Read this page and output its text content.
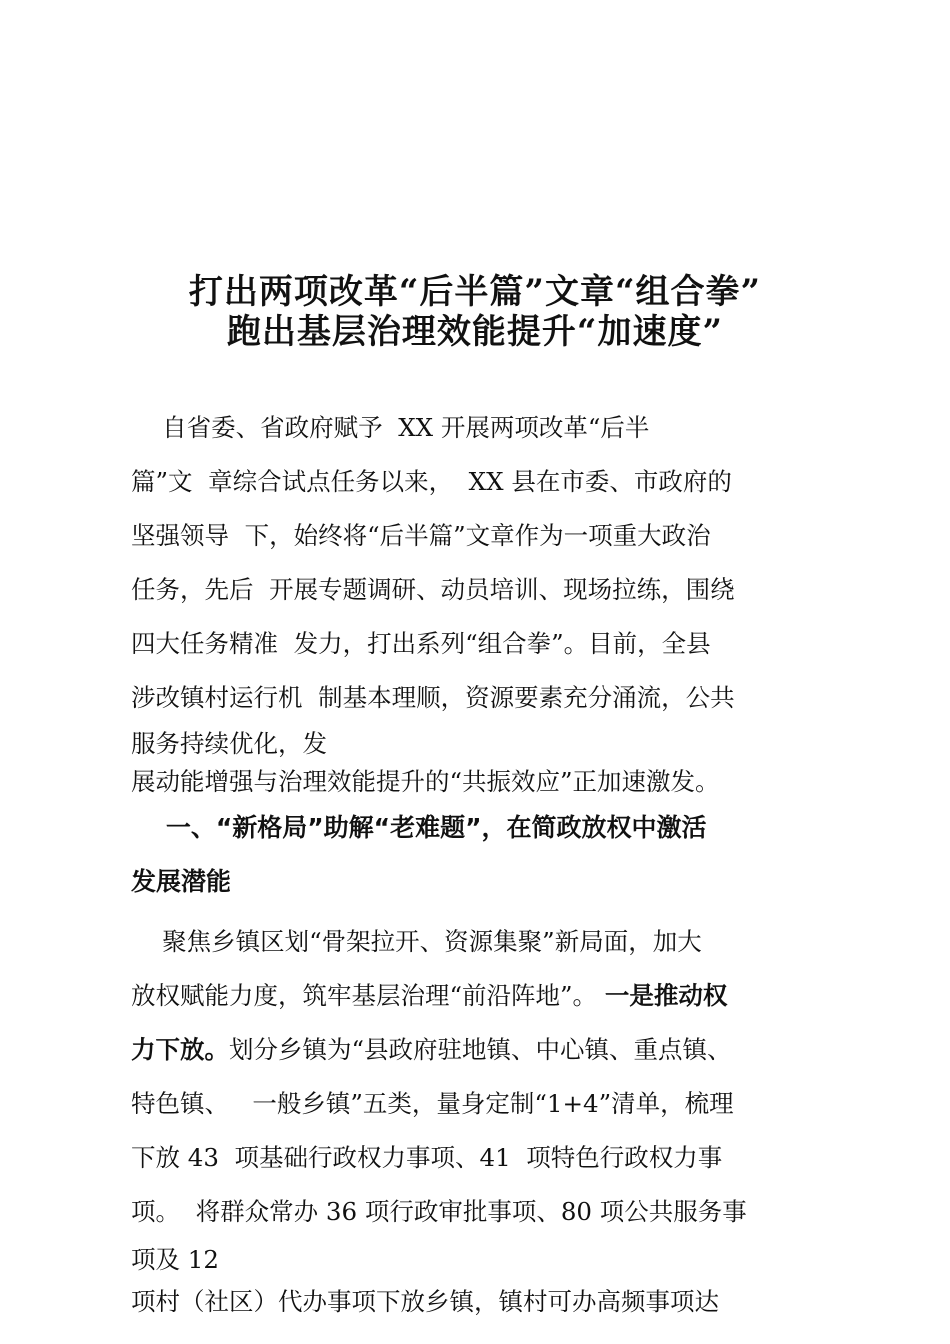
打出两项改革“后半篇”文章“组合拳”
跑出基层治理效能提升“加速度”
自省委、省政府赋予  XX 开展两项改革“后半
篇”文  章综合试点任务以来，  XX 县在市委、市政府的
坚强领导  下，始终将“后半篇”文章作为一项重大政治
任务，先后  开展专题调研、动员培训、现场拉练，围绕
四大任务精准  发力，打出系列“组合拳”。目前，全县
涉改镇村运行机  制基本理顺，资源要素充分涌流，公共
服务持续优化，发
展动能增强与治理效能提升的“共振效应”正加速激发。
一、“新格局”助解“老难题”，在简政放权中激活
发展潜能
聚焦乡镇区划“骨架拉开、资源集聚”新局面，加大
放权赋能力度，筑牢基层治理“前沿阵地”。 一是推动权
力下放。划分乡镇为“县政府驻地镇、中心镇、重点镇、
特色镇、   一般乡镇”五类，量身定制“1+4”清单，梳理
下放 43  项基础行政权力事项、41  项特色行政权力事
项。  将群众常办 36 项行政审批事项、80 项公共服务事
项及 12
项村（社区）代办事项下放乡镇，镇村可办高频事项达
